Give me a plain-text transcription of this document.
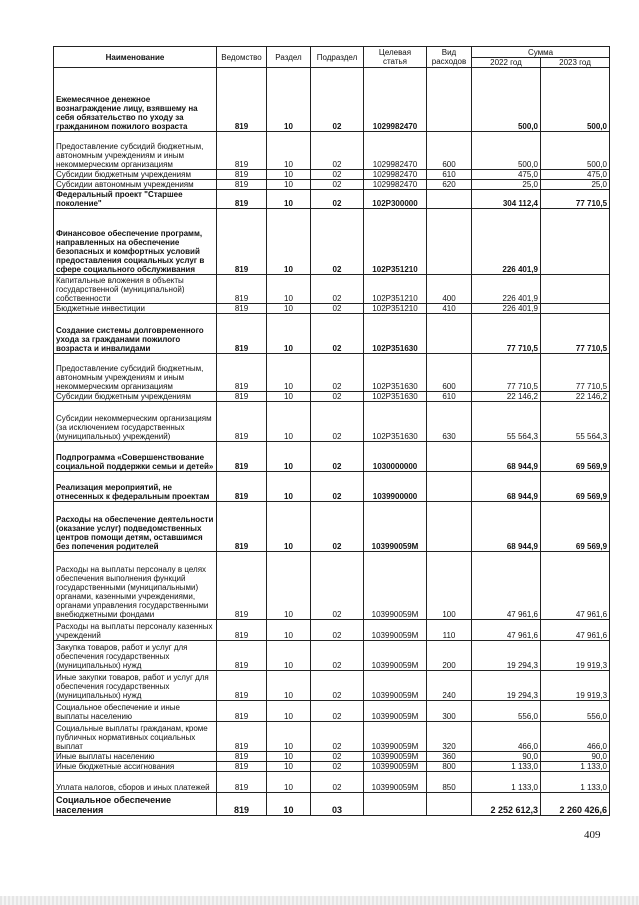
Наименование	Ведомство	Раздел	Подраздел	Целевая статья	Вид расходов	Сумма	
						2022 год	2023 год
Ежемесячное денежное вознаграждение лицу, взявшему на себя обязательство по уходу за гражданином пожилого возраста	819	10	02	1029982470		500,0	500,0
Предоставление субсидий бюджетным, автономным учреждениям и иным некоммерческим организациям	819	10	02	1029982470	600	500,0	500,0
Субсидии бюджетным учреждениям	819	10	02	1029982470	610	475,0	475,0
Субсидии автономным учреждениям	819	10	02	1029982470	620	25,0	25,0
Федеральный проект "Старшее поколение"	819	10	02	102P300000		304 112,4	77 710,5
Финансовое обеспечение программ, направленных на обеспечение безопасных и комфортных условий предоставления социальных услуг в сфере социального обслуживания	819	10	02	102P351210		226 401,9	
Капитальные вложения в объекты государственной (муниципальной) собственности	819	10	02	102P351210	400	226 401,9	
Бюджетные инвестиции	819	10	02	102P351210	410	226 401,9	
Создание системы долговременного ухода за гражданами пожилого возраста и инвалидами	819	10	02	102P351630		77 710,5	77 710,5
Предоставление субсидий бюджетным, автономным учреждениям и иным некоммерческим организациям	819	10	02	102P351630	600	77 710,5	77 710,5
Субсидии бюджетным учреждениям	819	10	02	102P351630	610	22 146,2	22 146,2
Субсидии некоммерческим организациям (за исключением государственных (муниципальных) учреждений)	819	10	02	102P351630	630	55 564,3	55 564,3
Подпрограмма «Совершенствование социальной поддержки семьи и детей»	819	10	02	1030000000		68 944,9	69 569,9
Реализация мероприятий, не отнесенных к федеральным проектам	819	10	02	1039900000		68 944,9	69 569,9
Расходы на обеспечение деятельности (оказание услуг) подведомственных центров помощи детям, оставшимся без попечения родителей	819	10	02	103990059М		68 944,9	69 569,9
Расходы на выплаты персоналу в целях обеспечения выполнения функций государственными (муниципальными) органами, казенными учреждениями, органами управления государственными внебюджетными фондами	819	10	02	103990059М	100	47 961,6	47 961,6
Расходы на выплаты персоналу казенных учреждений	819	10	02	103990059М	110	47 961,6	47 961,6
Закупка товаров, работ и услуг для обеспечения государственных (муниципальных) нужд	819	10	02	103990059М	200	19 294,3	19 919,3
Иные закупки товаров, работ и услуг для обеспечения государственных (муниципальных) нужд	819	10	02	103990059М	240	19 294,3	19 919,3
Социальное обеспечение и иные выплаты населению	819	10	02	103990059М	300	556,0	556,0
Социальные выплаты гражданам, кроме публичных нормативных социальных выплат	819	10	02	103990059М	320	466,0	466,0
Иные выплаты населению	819	10	02	103990059М	360	90,0	90,0
Иные бюджетные ассигнования	819	10	02	103990059М	800	1 133,0	1 133,0
Уплата налогов, сборов и иных платежей	819	10	02	103990059М	850	1 133,0	1 133,0
Социальное обеспечение населения	819	10	03			2 252 612,3	2 260 426,6
409
